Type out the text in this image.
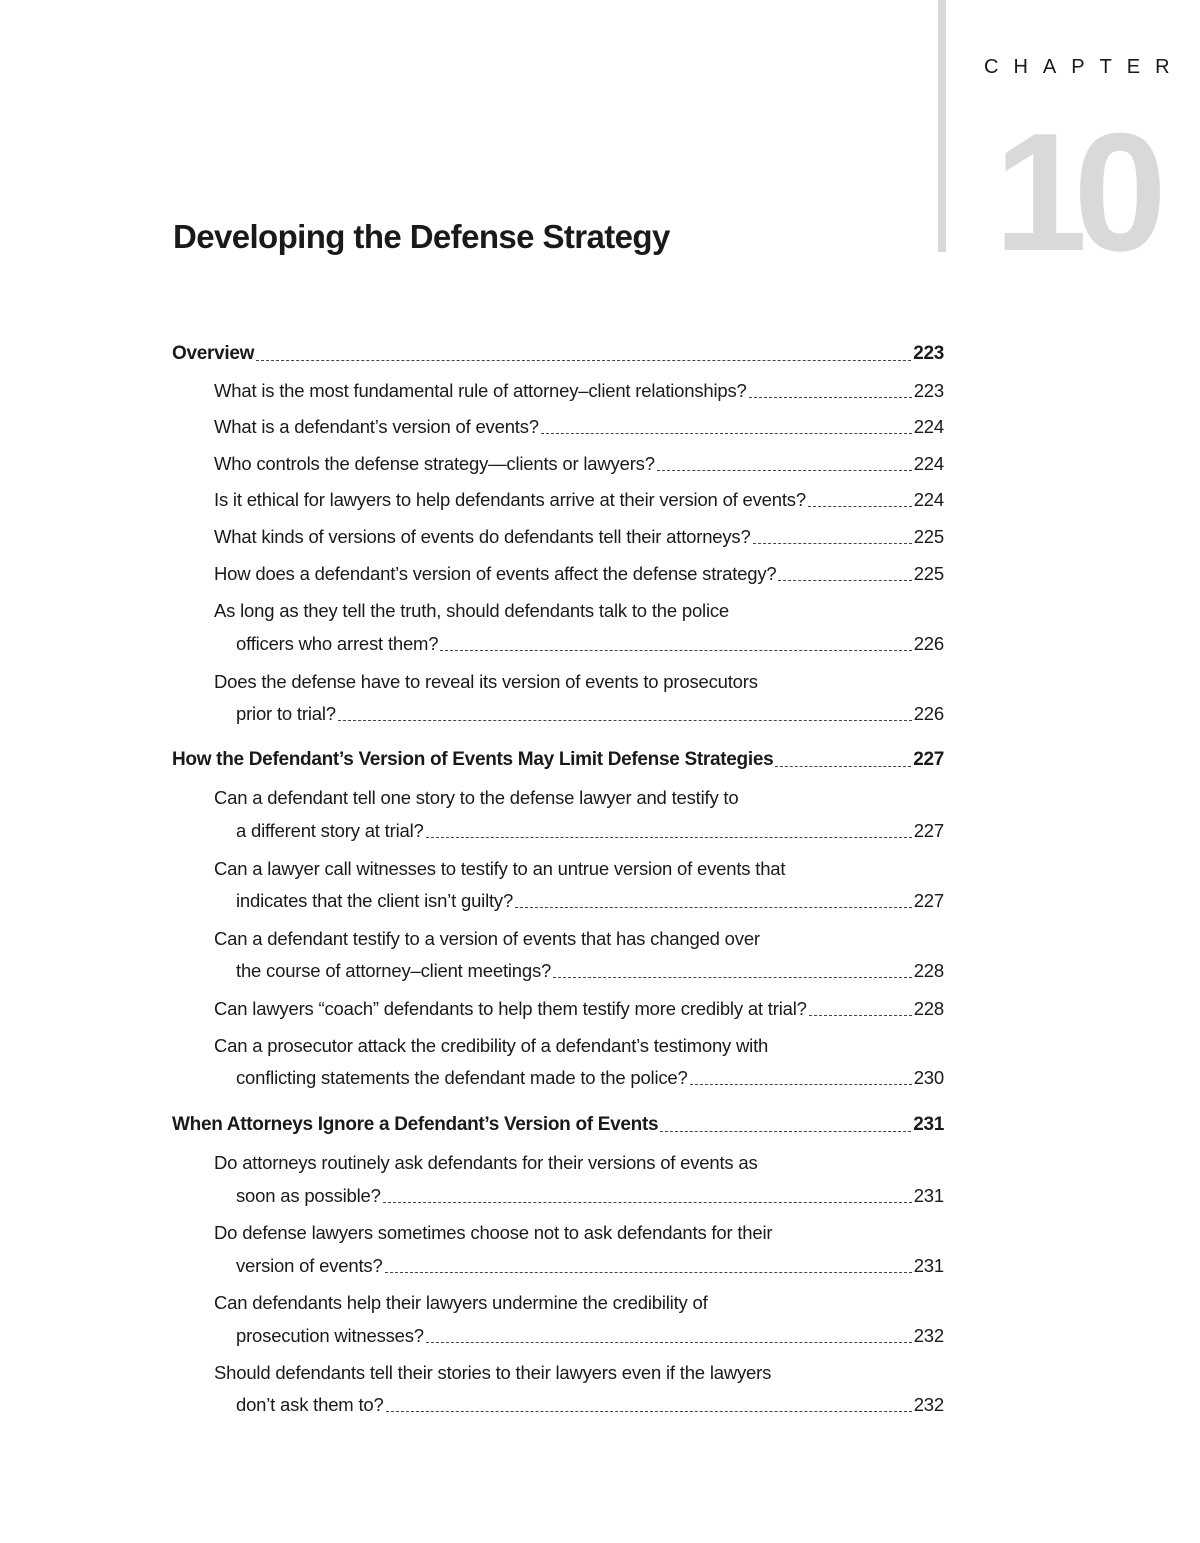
CHAPTER
10
Developing the Defense Strategy
Overview	223
What is the most fundamental rule of attorney–client relationships?	223
What is a defendant’s version of events?	224
Who controls the defense strategy—clients or lawyers?	224
Is it ethical for lawyers to help defendants arrive at their version of events?	224
What kinds of versions of events do defendants tell their attorneys?	225
How does a defendant’s version of events affect the defense strategy?	225
As long as they tell the truth, should defendants talk to the police
officers who arrest them?	226
Does the defense have to reveal its version of events to prosecutors
prior to trial?	226
How the Defendant’s Version of Events May Limit Defense Strategies	227
Can a defendant tell one story to the defense lawyer and testify to
a different story at trial?	227
Can a lawyer call witnesses to testify to an untrue version of events that
indicates that the client isn’t guilty?	227
Can a defendant testify to a version of events that has changed over
the course of attorney–client meetings?	228
Can lawyers “coach” defendants to help them testify more credibly at trial?	228
Can a prosecutor attack the credibility of a defendant’s testimony with
conflicting statements the defendant made to the police?	230
When Attorneys Ignore a Defendant’s Version of Events	231
Do attorneys routinely ask defendants for their versions of events as
soon as possible?	231
Do defense lawyers sometimes choose not to ask defendants for their
version of events?	231
Can defendants help their lawyers undermine the credibility of
prosecution witnesses?	232
Should defendants tell their stories to their lawyers even if the lawyers
don’t ask them to?	232
